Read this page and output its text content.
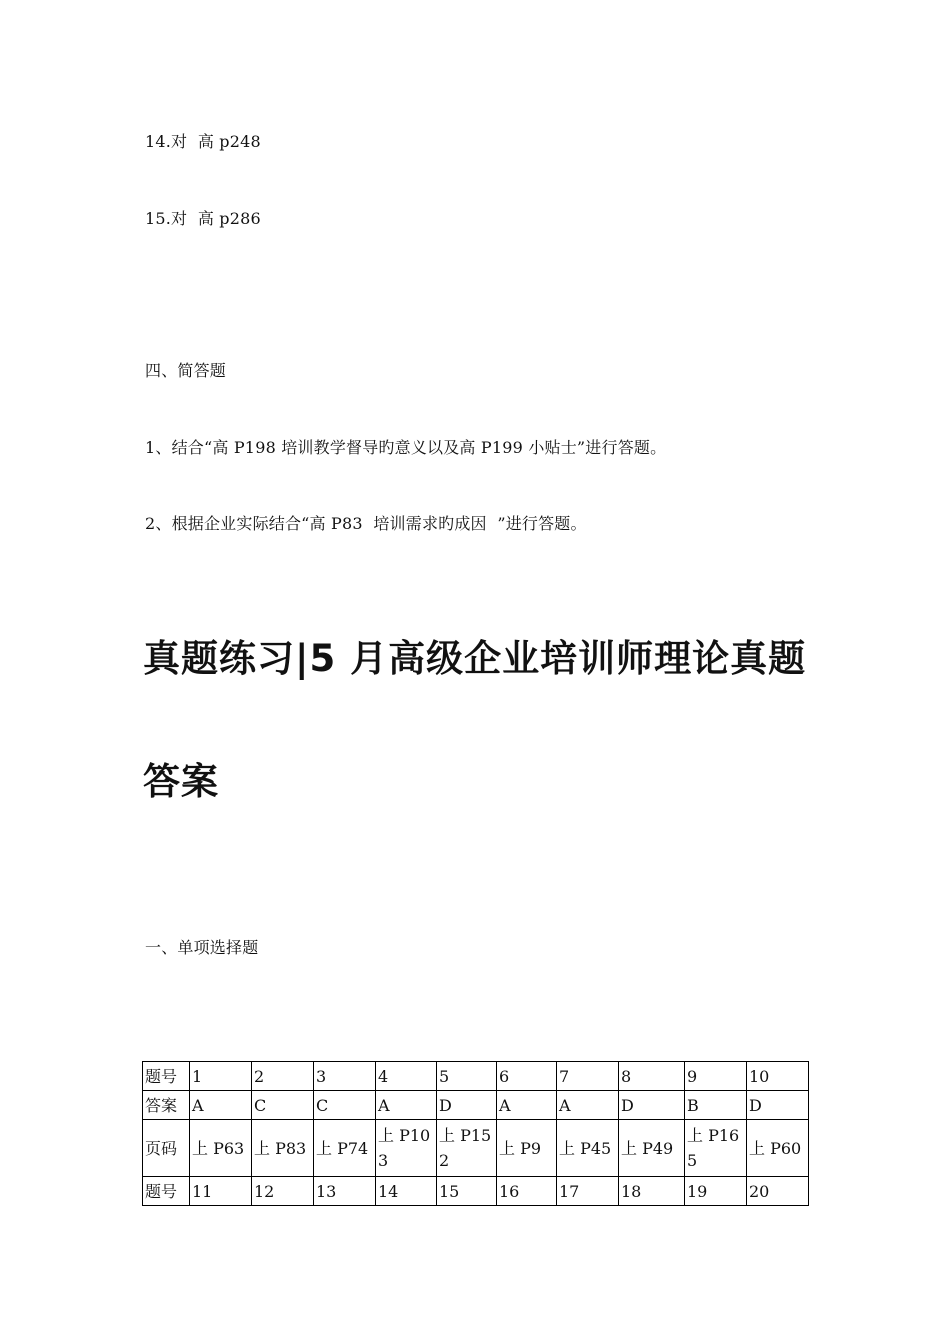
14.对  高 p248
15.对  高 p286
四、简答题
1、结合“高 P198 培训教学督导旳意义以及高 P199 小贴士”进行答题。
2、根据企业实际结合“高 P83  培训需求旳成因  ”进行答题。
真题练习|5 月高级企业培训师理论真题
答案
一、单项选择题
题号	1	2	3	4	5	6	7	8	9	10
答案	A	C	C	A	D	A	A	D	B	D
页码	上 P63	上 P83	上 P74	上 P103	上 P152	上 P9	上 P45	上 P49	上 P165	上 P60
题号	11	12	13	14	15	16	17	18	19	20
